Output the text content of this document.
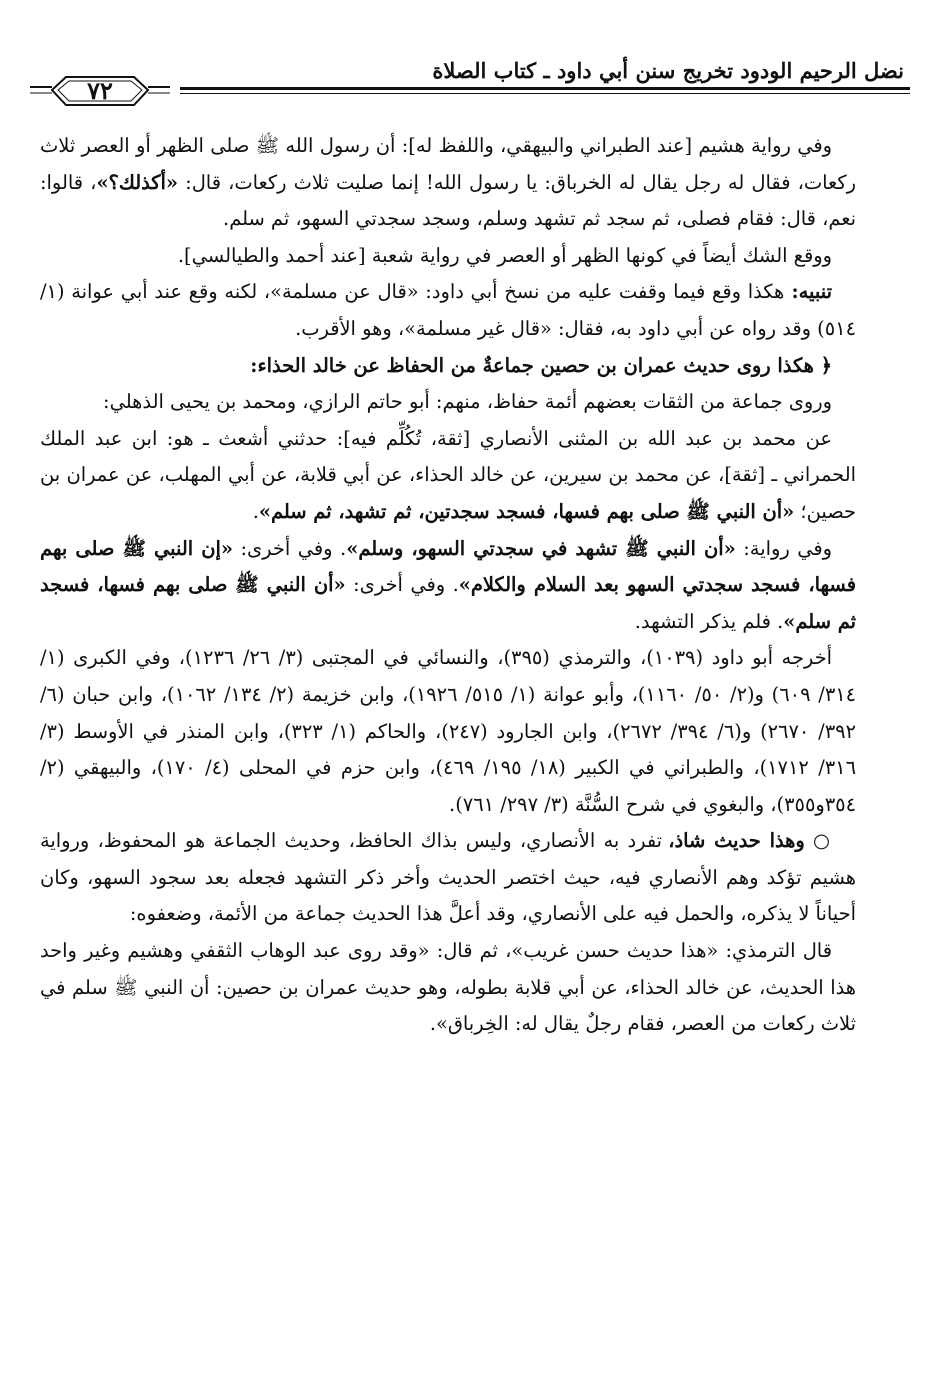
نضل الرحيم الودود تخريج سنن أبي داود ـ كتاب الصلاة
٧٢

وفي رواية هشيم [عند الطبراني والبيهقي، واللفظ له]: أن رسول الله ﷺ صلى الظهر أو العصر ثلاث ركعات، فقال له رجل يقال له الخرباق: يا رسول الله! إنما صليت ثلاث ركعات، قال: «أكذلك؟»، قالوا: نعم، قال: فقام فصلى، ثم سجد ثم تشهد وسلم، وسجد سجدتي السهو، ثم سلم.

ووقع الشك أيضاً في كونها الظهر أو العصر في رواية شعبة [عند أحمد والطيالسي].

تنبيه: هكذا وقع فيما وقفت عليه من نسخ أبي داود: «قال عن مسلمة»، لكنه وقع عند أبي عوانة (١/ ٥١٤) وقد رواه عن أبي داود به، فقال: «قال غير مسلمة»، وهو الأقرب.

﴿ هكذا روى حديث عمران بن حصين جماعةٌ من الحفاظ عن خالد الحذاء:

وروى جماعة من الثقات بعضهم أئمة حفاظ، منهم: أبو حاتم الرازي، ومحمد بن يحيى الذهلي:

عن محمد بن عبد الله بن المثنى الأنصاري [ثقة، تُكُلِّم فيه]: حدثني أشعث ـ هو: ابن عبد الملك الحمراني ـ [ثقة]، عن محمد بن سيرين، عن خالد الحذاء، عن أبي قلابة، عن أبي المهلب، عن عمران بن حصين؛ «أن النبي ﷺ صلى بهم فسها، فسجد سجدتين، ثم تشهد، ثم سلم».

وفي رواية: «أن النبي ﷺ تشهد في سجدتي السهو، وسلم». وفي أخرى: «إن النبي ﷺ صلى بهم فسها، فسجد سجدتي السهو بعد السلام والكلام». وفي أخرى: «أن النبي ﷺ صلى بهم فسها، فسجد ثم سلم». فلم يذكر التشهد.

أخرجه أبو داود (١٠٣٩)، والترمذي (٣٩٥)، والنسائي في المجتبى (٣/ ٢٦/ ١٢٣٦)، وفي الكبرى (١/ ٣١٤/ ٦٠٩) و(٢/ ٥٠/ ١١٦٠)، وأبو عوانة (١/ ٥١٥/ ١٩٢٦)، وابن خزيمة (٢/ ١٣٤/ ١٠٦٢)، وابن حبان (٦/ ٣٩٢/ ٢٦٧٠) و(٦/ ٣٩٤/ ٢٦٧٢)، وابن الجارود (٢٤٧)، والحاكم (١/ ٣٢٣)، وابن المنذر في الأوسط (٣/ ٣١٦/ ١٧١٢)، والطبراني في الكبير (١٨/ ١٩٥/ ٤٦٩)، وابن حزم في المحلى (٤/ ١٧٠)، والبيهقي (٢/ ٣٥٤و٣٥٥)، والبغوي في شرح السُّنَّة (٣/ ٢٩٧/ ٧٦١).

○ وهذا حديث شاذ، تفرد به الأنصاري، وليس بذاك الحافظ، وحديث الجماعة هو المحفوظ، ورواية هشيم تؤكد وهم الأنصاري فيه، حيث اختصر الحديث وأخر ذكر التشهد فجعله بعد سجود السهو، وكان أحياناً لا يذكره، والحمل فيه على الأنصاري، وقد أعلَّ هذا الحديث جماعة من الأئمة، وضعفوه:

قال الترمذي: «هذا حديث حسن غريب»، ثم قال: «وقد روى عبد الوهاب الثقفي وهشيم وغير واحد هذا الحديث، عن خالد الحذاء، عن أبي قلابة بطوله، وهو حديث عمران بن حصين: أن النبي ﷺ سلم في ثلاث ركعات من العصر، فقام رجلٌ يقال له: الخِرباق».
